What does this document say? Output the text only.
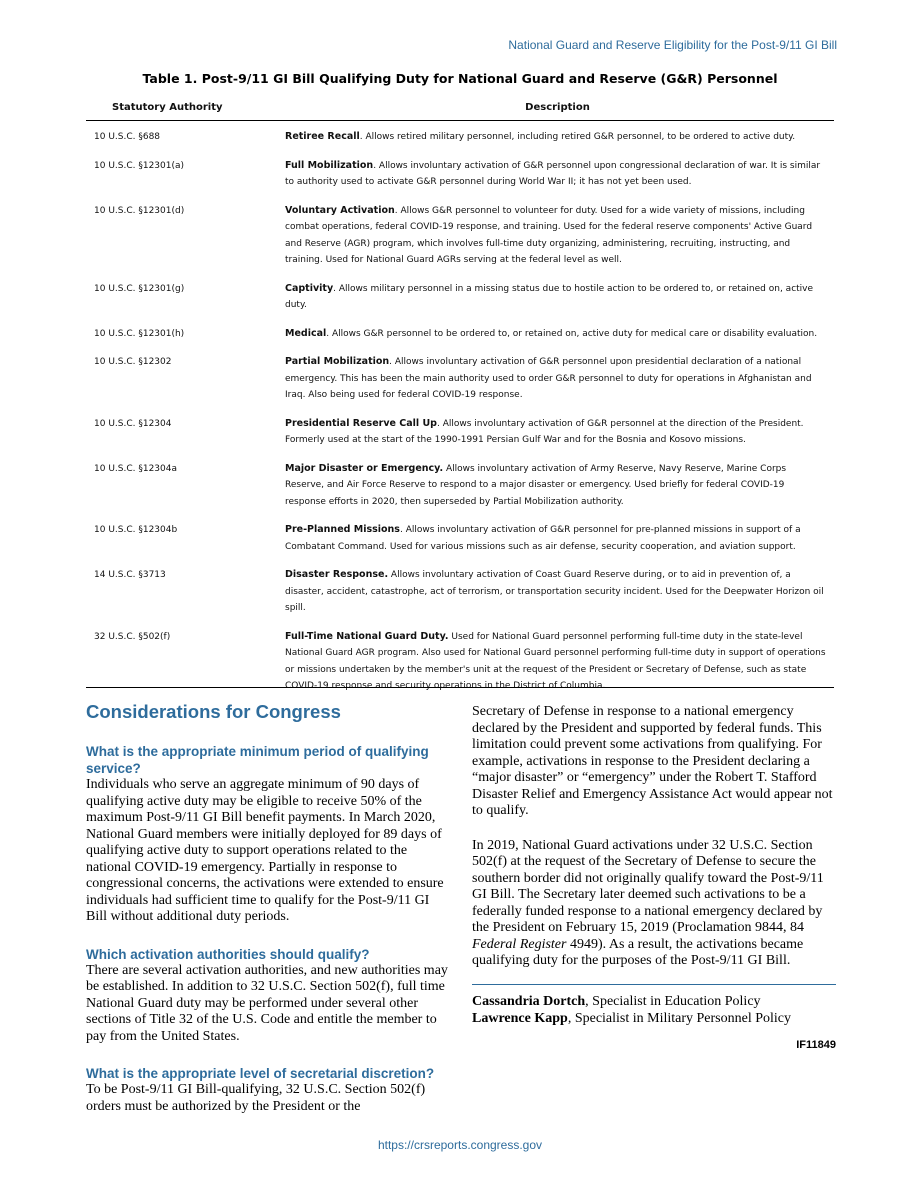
National Guard and Reserve Eligibility for the Post-9/11 GI Bill
Table 1. Post-9/11 GI Bill Qualifying Duty for National Guard and Reserve (G&R) Personnel
Statutory Authority	Description
10 U.S.C. §688	Retiree Recall. Allows retired military personnel, including retired G&R personnel, to be ordered to active duty.
10 U.S.C. §12301(a)	Full Mobilization. Allows involuntary activation of G&R personnel upon congressional declaration of war. It is similar to authority used to activate G&R personnel during World War II; it has not yet been used.
10 U.S.C. §12301(d)	Voluntary Activation. Allows G&R personnel to volunteer for duty. Used for a wide variety of missions, including combat operations, federal COVID-19 response, and training. Used for the federal reserve components' Active Guard and Reserve (AGR) program, which involves full-time duty organizing, administering, recruiting, instructing, and training. Used for National Guard AGRs serving at the federal level as well.
10 U.S.C. §12301(g)	Captivity. Allows military personnel in a missing status due to hostile action to be ordered to, or retained on, active duty.
10 U.S.C. §12301(h)	Medical. Allows G&R personnel to be ordered to, or retained on, active duty for medical care or disability evaluation.
10 U.S.C. §12302	Partial Mobilization. Allows involuntary activation of G&R personnel upon presidential declaration of a national emergency. This has been the main authority used to order G&R personnel to duty for operations in Afghanistan and Iraq. Also being used for federal COVID-19 response.
10 U.S.C. §12304	Presidential Reserve Call Up. Allows involuntary activation of G&R personnel at the direction of the President. Formerly used at the start of the 1990-1991 Persian Gulf War and for the Bosnia and Kosovo missions.
10 U.S.C. §12304a	Major Disaster or Emergency. Allows involuntary activation of Army Reserve, Navy Reserve, Marine Corps Reserve, and Air Force Reserve to respond to a major disaster or emergency. Used briefly for federal COVID-19 response efforts in 2020, then superseded by Partial Mobilization authority.
10 U.S.C. §12304b	Pre-Planned Missions. Allows involuntary activation of G&R personnel for pre-planned missions in support of a Combatant Command. Used for various missions such as air defense, security cooperation, and aviation support.
14 U.S.C. §3713	Disaster Response. Allows involuntary activation of Coast Guard Reserve during, or to aid in prevention of, a disaster, accident, catastrophe, act of terrorism, or transportation security incident. Used for the Deepwater Horizon oil spill.
32 U.S.C. §502(f)	Full-Time National Guard Duty. Used for National Guard personnel performing full-time duty in the state-level National Guard AGR program. Also used for National Guard personnel performing full-time duty in support of operations or missions undertaken by the member's unit at the request of the President or Secretary of Defense, such as state COVID-19 response and security operations in the District of Columbia.
Considerations for Congress
What is the appropriate minimum period of qualifying service?

Individuals who serve an aggregate minimum of 90 days of qualifying active duty may be eligible to receive 50% of the maximum Post-9/11 GI Bill benefit payments. In March 2020, National Guard members were initially deployed for 89 days of qualifying active duty to support operations related to the national COVID-19 emergency. Partially in response to congressional concerns, the activations were extended to ensure individuals had sufficient time to qualify for the Post-9/11 GI Bill without additional duty periods.

Which activation authorities should qualify?

There are several activation authorities, and new authorities may be established. In addition to 32 U.S.C. Section 502(f), full time National Guard duty may be performed under several other sections of Title 32 of the U.S. Code and entitle the member to pay from the United States.

What is the appropriate level of secretarial discretion?

To be Post-9/11 GI Bill-qualifying, 32 U.S.C. Section 502(f) orders must be authorized by the President or the

Secretary of Defense in response to a national emergency declared by the President and supported by federal funds. This limitation could prevent some activations from qualifying. For example, activations in response to the President declaring a “major disaster” or “emergency” under the Robert T. Stafford Disaster Relief and Emergency Assistance Act would appear not to qualify.

In 2019, National Guard activations under 32 U.S.C. Section 502(f) at the request of the Secretary of Defense to secure the southern border did not originally qualify toward the Post-9/11 GI Bill. The Secretary later deemed such activations to be a federally funded response to a national emergency declared by the President on February 15, 2019 (Proclamation 9844, 84 Federal Register 4949). As a result, the activations became qualifying duty for the purposes of the Post-9/11 GI Bill.

Cassandria Dortch, Specialist in Education Policy

Lawrence Kapp, Specialist in Military Personnel Policy

IF11849
https://crsreports.congress.gov
